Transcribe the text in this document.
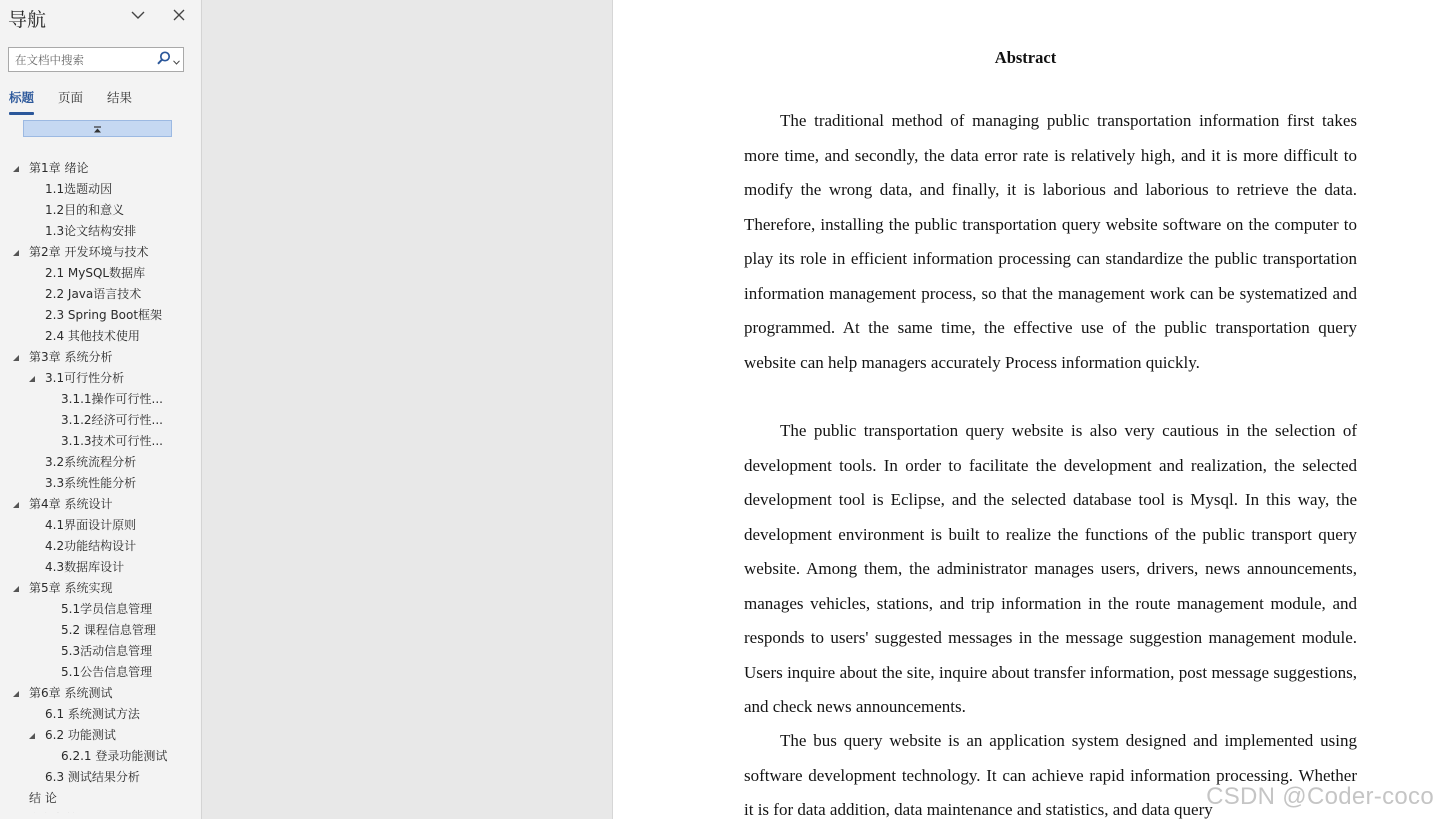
导航
在文档中搜索
标题 页面 结果
第1章 绪论
1.1选题动因
1.2目的和意义
1.3论文结构安排
第2章 开发环境与技术
2.1 MySQL数据库
2.2 Java语言技术
2.3 Spring Boot框架
2.4 其他技术使用
第3章 系统分析
3.1可行性分析
3.1.1操作可行性...
3.1.2经济可行性...
3.1.3技术可行性...
3.2系统流程分析
3.3系统性能分析
第4章 系统设计
4.1界面设计原则
4.2功能结构设计
4.3数据库设计
第5章 系统实现
5.1学员信息管理
5.2 课程信息管理
5.3活动信息管理
5.1公告信息管理
第6章 系统测试
6.1 系统测试方法
6.2 功能测试
6.2.1 登录功能测试
6.3 测试结果分析
结 论
Abstract
The traditional method of managing public transportation information first takes more time, and secondly, the data error rate is relatively high, and it is more difficult to modify the wrong data, and finally, it is laborious and laborious to retrieve the data. Therefore, installing the public transportation query website software on the computer to play its role in efficient information processing can standardize the public transportation information management process, so that the management work can be systematized and programmed. At the same time, the effective use of the public transportation query website can help managers accurately Process information quickly.
The public transportation query website is also very cautious in the selection of development tools. In order to facilitate the development and realization, the selected development tool is Eclipse, and the selected database tool is Mysql. In this way, the development environment is built to realize the functions of the public transport query website. Among them, the administrator manages users, drivers, news announcements, manages vehicles, stations, and trip information in the route management module, and responds to users' suggested messages in the message suggestion management module. Users inquire about the site, inquire about transfer information, post message suggestions, and check news announcements.
The bus query website is an application system designed and implemented using software development technology. It can achieve rapid information processing. Whether it is for data addition, data maintenance and statistics, and data query
CSDN @Coder-coco
